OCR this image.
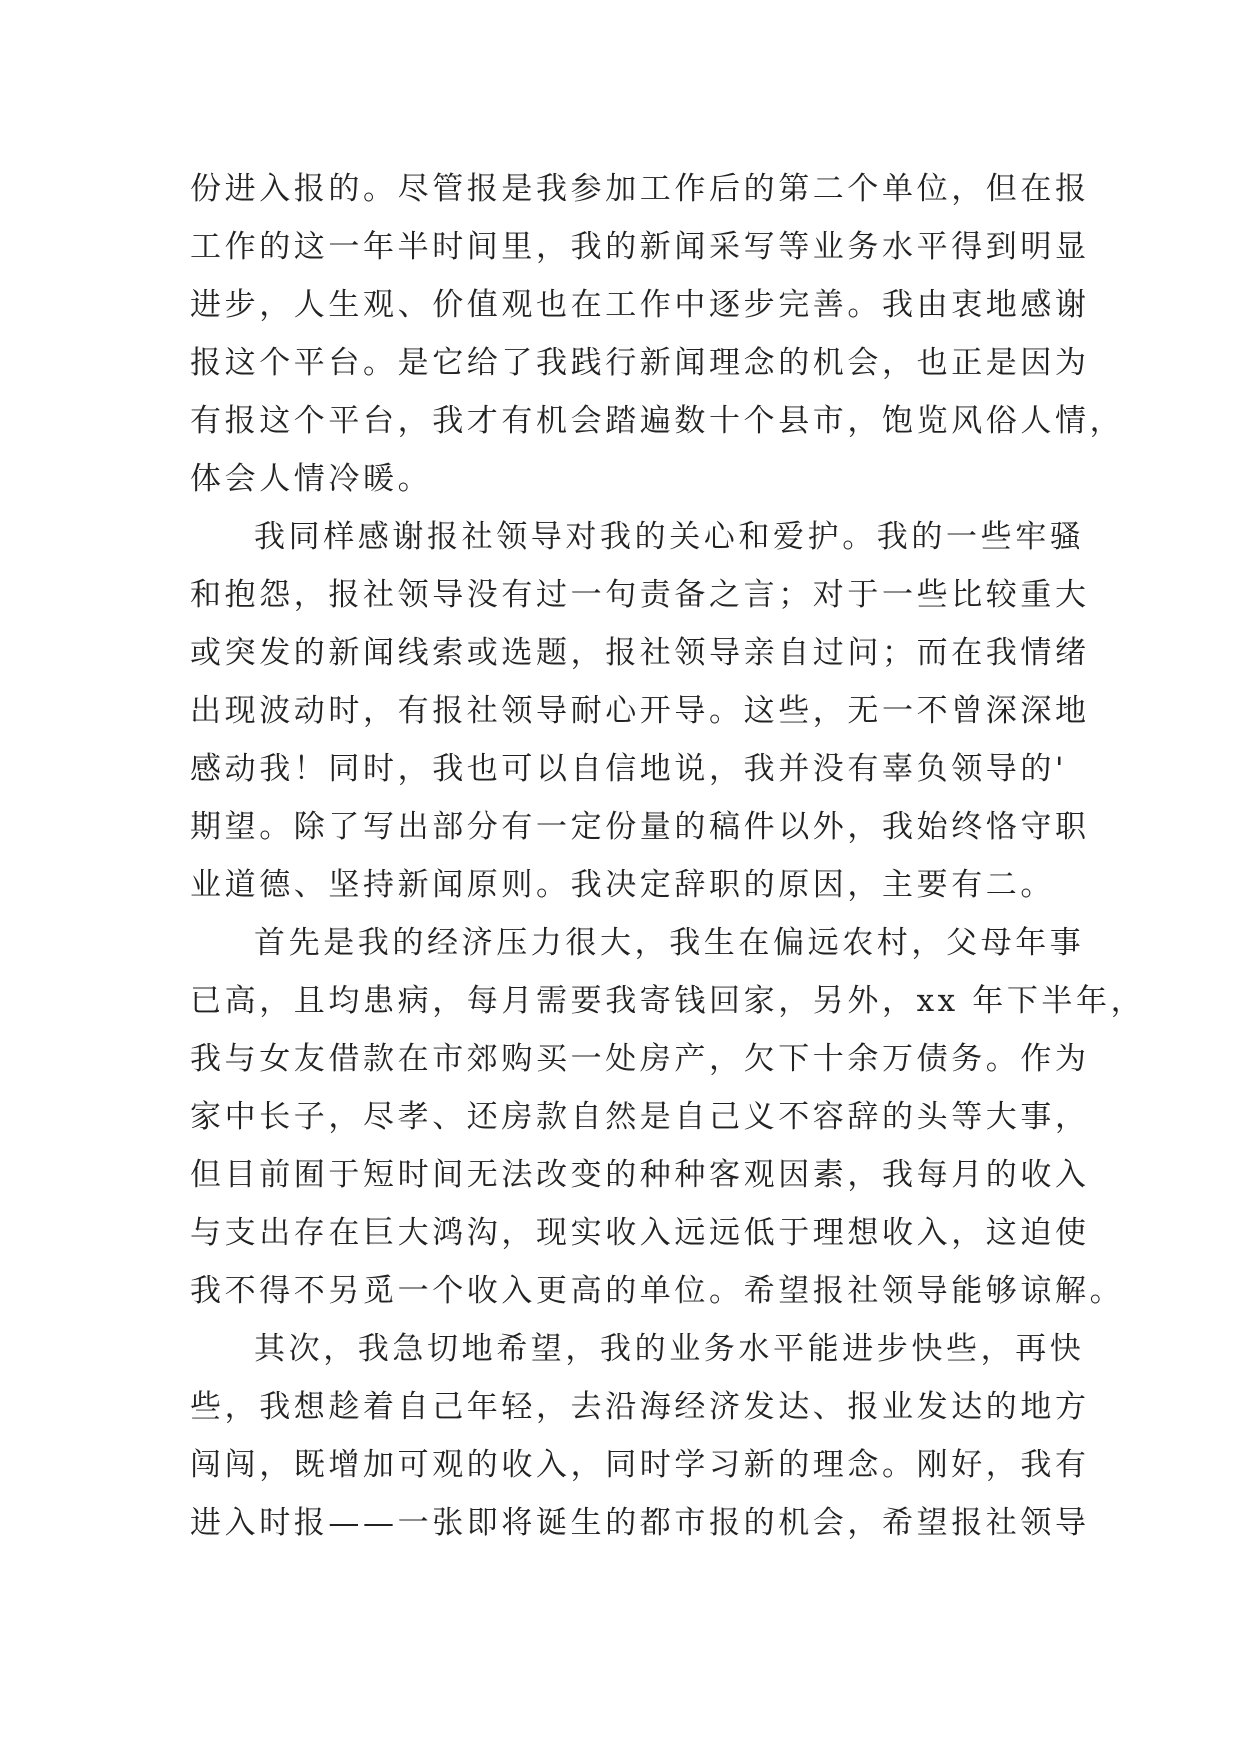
份进入报的。尽管报是我参加工作后的第二个单位，但在报
工作的这一年半时间里，我的新闻采写等业务水平得到明显
进步，人生观、价值观也在工作中逐步完善。我由衷地感谢
报这个平台。是它给了我践行新闻理念的机会，也正是因为
有报这个平台，我才有机会踏遍数十个县市，饱览风俗人情，
体会人情冷暖。
我同样感谢报社领导对我的关心和爱护。我的一些牢骚
和抱怨，报社领导没有过一句责备之言；对于一些比较重大
或突发的新闻线索或选题，报社领导亲自过问；而在我情绪
出现波动时，有报社领导耐心开导。这些，无一不曾深深地
感动我！同时，我也可以自信地说，我并没有辜负领导的'
期望。除了写出部分有一定份量的稿件以外，我始终恪守职
业道德、坚持新闻原则。我决定辞职的原因，主要有二。
首先是我的经济压力很大，我生在偏远农村，父母年事
已高，且均患病，每月需要我寄钱回家，另外，xx 年下半年，
我与女友借款在市郊购买一处房产，欠下十余万债务。作为
家中长子，尽孝、还房款自然是自己义不容辞的头等大事，
但目前囿于短时间无法改变的种种客观因素，我每月的收入
与支出存在巨大鸿沟，现实收入远远低于理想收入，这迫使
我不得不另觅一个收入更高的单位。希望报社领导能够谅解。
其次，我急切地希望，我的业务水平能进步快些，再快
些，我想趁着自己年轻，去沿海经济发达、报业发达的地方
闯闯，既增加可观的收入，同时学习新的理念。刚好，我有
进入时报——一张即将诞生的都市报的机会，希望报社领导
